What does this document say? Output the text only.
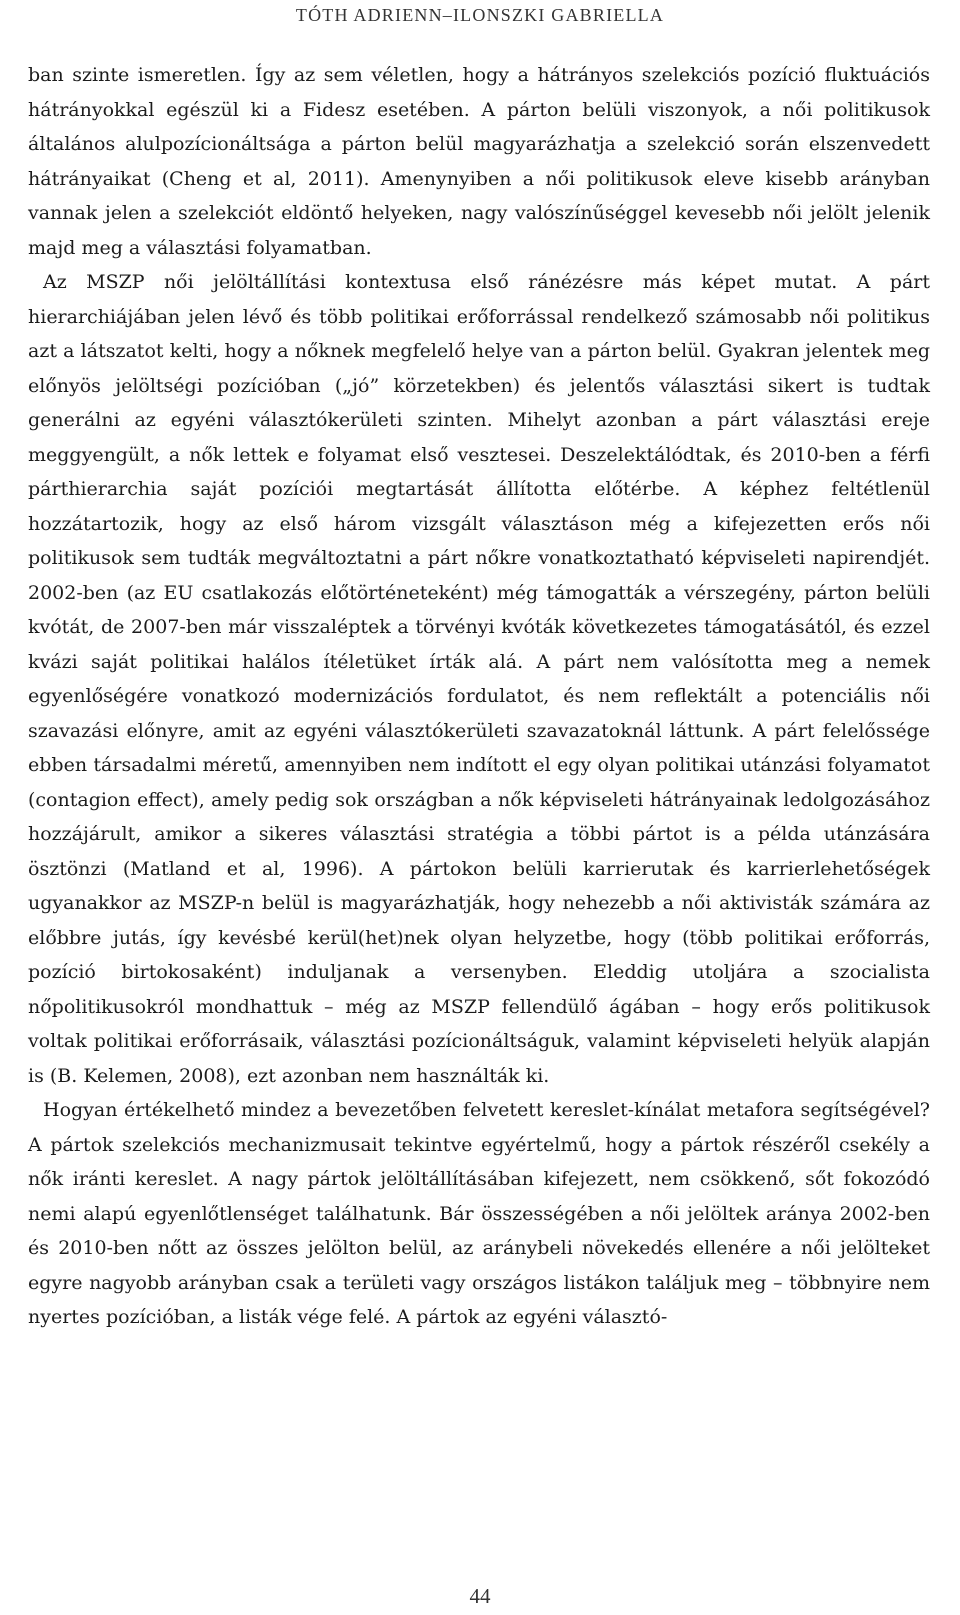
TÓTH ADRIENN–ILONSZKI GABRIELLA

ban szinte ismeretlen. Így az sem véletlen, hogy a hátrányos szelekciós pozíció fluktuációs hátrányokkal egészül ki a Fidesz esetében. A párton belüli viszonyok, a női politikusok általános alulpozícionáltsága a párton belül magyarázhatja a szelekció során elszenvedett hátrányaikat (Cheng et al, 2011). Amenynyiben a női politikusok eleve kisebb arányban vannak jelen a szelekciót eldöntő helyeken, nagy valószínűséggel kevesebb női jelölt jelenik majd meg a választási folyamatban.

Az MSZP női jelöltállítási kontextusa első ránézésre más képet mutat. A párt hierarchiájában jelen lévő és több politikai erőforrással rendelkező számosabb női politikus azt a látszatot kelti, hogy a nőknek megfelelő helye van a párton belül. Gyakran jelentek meg előnyös jelöltségi pozícióban („jó” körzetekben) és jelentős választási sikert is tudtak generálni az egyéni választókerületi szinten. Mihelyt azonban a párt választási ereje meggyengült, a nők lettek e folyamat első vesztesei. Deszelektálódtak, és 2010-ben a férfi párthierarchia saját pozíciói megtartását állította előtérbe. A képhez feltétlenül hozzátartozik, hogy az első három vizsgált választáson még a kifejezetten erős női politikusok sem tudták megváltoztatni a párt nőkre vonatkoztatható képviseleti napirendjét. 2002-ben (az EU csatlakozás előtörténeteként) még támogatták a vérszegény, párton belüli kvótát, de 2007-ben már visszaléptek a törvényi kvóták következetes támogatásától, és ezzel kvázi saját politikai halálos ítéletüket írták alá. A párt nem valósította meg a nemek egyenlőségére vonatkozó modernizációs fordulatot, és nem reflektált a potenciális női szavazási előnyre, amit az egyéni választókerületi szavazatoknál láttunk. A párt felelőssége ebben társadalmi méretű, amennyiben nem indított el egy olyan politikai utánzási folyamatot (contagion effect), amely pedig sok országban a nők képviseleti hátrányainak ledolgozásához hozzájárult, amikor a sikeres választási stratégia a többi pártot is a példa utánzására ösztönzi (Matland et al, 1996). A pártokon belüli karrierutak és karrierlehetőségek ugyanakkor az MSZP-n belül is magyarázhatják, hogy nehezebb a női aktivisták számára az előbbre jutás, így kevésbé kerül(het)nek olyan helyzetbe, hogy (több politikai erőforrás, pozíció birtokosaként) induljanak a versenyben. Eleddig utoljára a szocialista nőpolitikusokról mondhattuk – még az MSZP fellendülő ágában – hogy erős politikusok voltak politikai erőforrásaik, választási pozícionáltságuk, valamint képviseleti helyük alapján is (B. Kelemen, 2008), ezt azonban nem használták ki.

Hogyan értékelhető mindez a bevezetőben felvetett kereslet-kínálat metafora segítségével? A pártok szelekciós mechanizmusait tekintve egyértelmű, hogy a pártok részéről csekély a nők iránti kereslet. A nagy pártok jelöltállításában kifejezett, nem csökkenő, sőt fokozódó nemi alapú egyenlőtlenséget találhatunk. Bár összességében a női jelöltek aránya 2002-ben és 2010-ben nőtt az összes jelölton belül, az aránybeli növekedés ellenére a női jelölteket egyre nagyobb arányban csak a területi vagy országos listákon találjuk meg – többnyire nem nyertes pozícióban, a listák vége felé. A pártok az egyéni választó-

44
